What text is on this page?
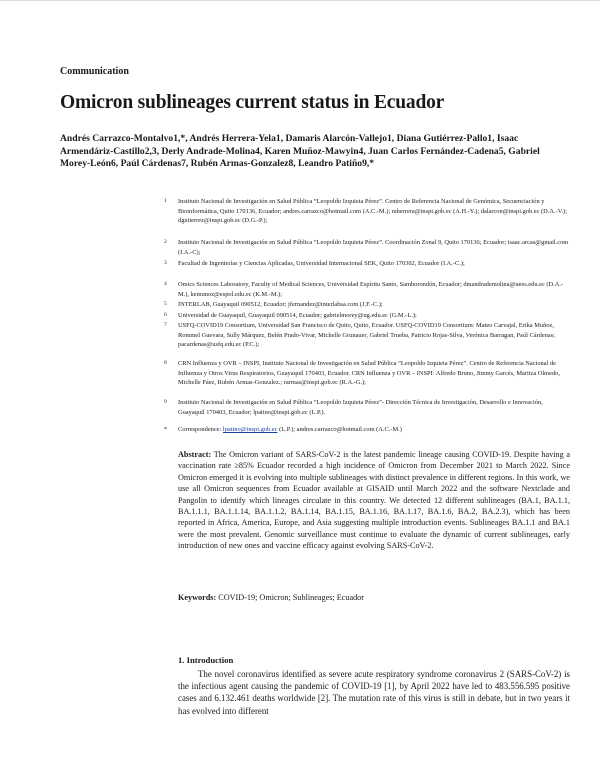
Communication
Omicron sublineages current status in Ecuador
Andrés Carrazco-Montalvo1,*, Andrés Herrera-Yela1, Damaris Alarcón-Vallejo1, Diana Gutiérrez-Pallo1, Isaac Armendáriz-Castillo2,3, Derly Andrade-Molina4, Karen Muñoz-Mawyin4, Juan Carlos Fernández-Cadena5, Gabriel Morey-León6, Paúl Cárdenas7, Rubén Armas-Gonzalez8, Leandro Patiño9,*
1 Instituto Nacional de Investigación en Salud Pública “Leopoldo Izquieta Pérez”. Centro de Referencia Nacional de Genómica, Secuenciación y Bioinformática, Quito 170136, Ecuador; andres.carrazco@hotmail.com (A.C.-M.); mherrera@inspi.gob.ec (A.H.-Y.); dalarcon@inspi.gob.ec (D.A.-V.); dgutierrez@inspi.gob.ec (D.G.-P.);
2 Instituto Nacional de Investigación en Salud Pública “Leopoldo Izquieta Pérez”. Coordinación Zonal 9, Quito 170136; Ecuador; isaac.arcas@gmail.com (I.A.-C);
3 Facultad de Ingenierías y Ciencias Aplicadas, Universidad Internacional SEK, Quito 170302, Ecuador (I.A.-C.);
4 Omics Sciences Laboratory, Faculty of Medical Sciences, Universidad Espíritu Santo, Samborondón, Ecuador; dmandrademolina@uees.edu.ec (D.A.-M.), kemunoz@espol.edu.ec (K.M.-M.);
5 INTERLAB, Guayaquil 090512, Ecuador; jfernandez@interlabsa.com (J.F.-C.);
6 Universidad de Guayaquil, Guayaquil 090514, Ecuador; gabrielmorey@ug.edu.ec (G.M.-L.);
7 USFQ-COVID19 Consortium, Universidad San Francisco de Quito, Quito, Ecuador. USFQ-COVID19 Consortium: Mateo Carvajal, Erika Muñoz, Rommel Guevara, Sully Márquez, Belén Prado-Vivar, Michelle Grunauer, Gabriel Trueba, Patricio Rojas-Silva, Verónica Barragan, Paúl Cárdenas; pacardenas@usfq.edu.ec (P.C.);
8 CRN Influenza y OVR – INSPI, Instituto Nacional de Investigación en Salud Pública “Leopoldo Izquieta Pérez”. Centro de Referencia Nacional de Influenza y Otros Virus Respiratorios, Guayaquil 170403, Ecuador. CRN Influenza y OVR – INSPI: Alfredo Bruno, Jimmy Garcés, Maritza Olmedo, Michelle Páez, Rubén Armas-Gonzalez.; rarmas@inspi.gob.ec (R.A.-G.);
9 Instituto Nacional de Investigación en Salud Pública “Leopoldo Izquieta Pérez”- Dirección Técnica de Investigación, Desarrollo e Innovación, Guayaquil 170403, Ecuador; lpatino@inspi.gob.ec (L.P.).
* Correspondence: lpatino@inspi.gob.ec (L.P.); andres.carrazco@hotmail.com (A.C.-M.)
Abstract: The Omicron variant of SARS-CoV-2 is the latest pandemic lineage causing COVID-19. Despite having a vaccination rate ≥85% Ecuador recorded a high incidence of Omicron from December 2021 to March 2022. Since Omicron emerged it is evolving into multiple sublineages with distinct prevalence in different regions. In this work, we use all Omicron sequences from Ecuador available at GISAID until March 2022 and the software Nextclade and Pangolin to identify which lineages circulate in this country. We detected 12 different sublineages (BA.1, BA.1.1, BA.1.1.1, BA.1.1.14, BA.1.1.2, BA.1.14, BA.1.15, BA.1.16, BA.1.17, BA.1.6, BA.2, BA.2.3), which has been reported in Africa, America, Europe, and Asia suggesting multiple introduction events. Sublineages BA.1.1 and BA.1 were the most prevalent. Genomic surveillance must continue to evaluate the dynamic of current sublineages, early introduction of new ones and vaccine efficacy against evolving SARS-CoV-2.
Keywords: COVID-19; Omicron; Sublineages; Ecuador
1. Introduction
The novel coronavirus identified as severe acute respiratory syndrome coronavirus 2 (SARS-CoV-2) is the infectious agent causing the pandemic of COVID-19 [1], by April 2022 have led to 483.556.595 positive cases and 6.132.461 deaths worldwide [2]. The mutation rate of this virus is still in debate, but in two years it has evolved into different
